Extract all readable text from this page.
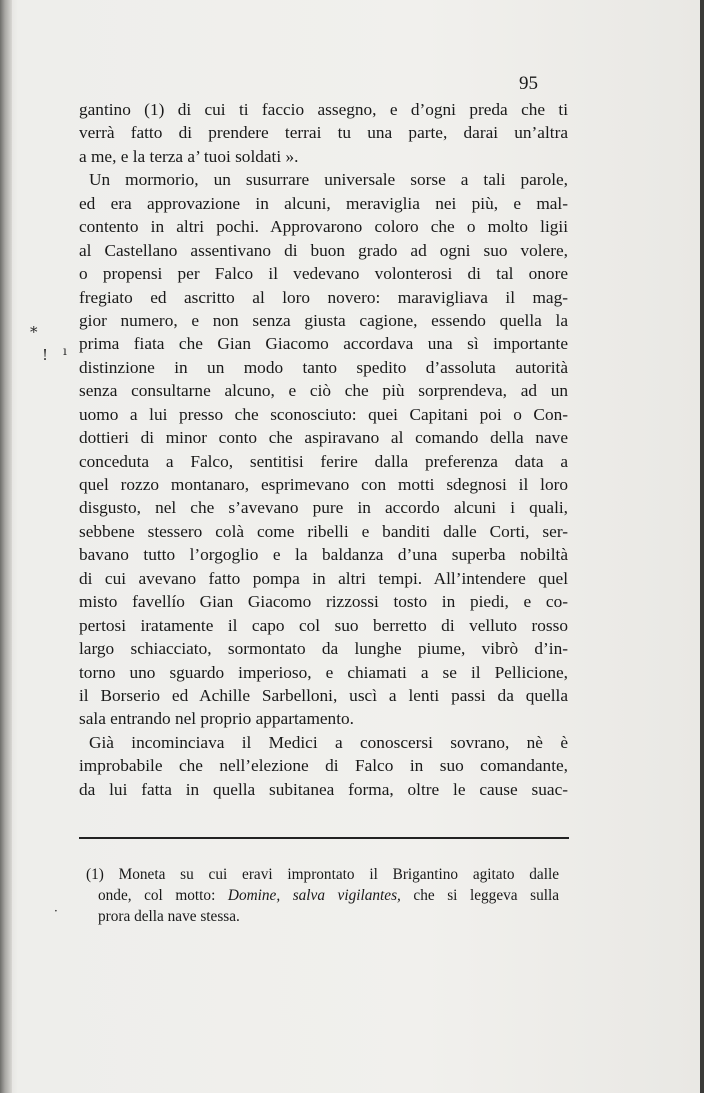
95
*
! ı
·
gantino (1) di cui ti faccio assegno, e d’ogni preda che ti
verrà fatto di prendere terrai tu una parte, darai un’altra
a me, e la terza a’ tuoi soldati ».
Un mormorio, un susurrare universale sorse a tali parole,
ed era approvazione in alcuni, meraviglia nei più, e mal-
contento in altri pochi. Approvarono coloro che o molto ligii
al Castellano assentivano di buon grado ad ogni suo volere,
o propensi per Falco il vedevano volonterosi di tal onore
fregiato ed ascritto al loro novero: maravigliava il mag-
gior numero, e non senza giusta cagione, essendo quella la
prima fiata che Gian Giacomo accordava una sì importante
distinzione in un modo tanto spedito d’assoluta autorità
senza consultarne alcuno, e ciò che più sorprendeva, ad un
uomo a lui presso che sconosciuto: quei Capitani poi o Con-
dottieri di minor conto che aspiravano al comando della nave
conceduta a Falco, sentitisi ferire dalla preferenza data a
quel rozzo montanaro, esprimevano con motti sdegnosi il loro
disgusto, nel che s’avevano pure in accordo alcuni i quali,
sebbene stessero colà come ribelli e banditi dalle Corti, ser-
bavano tutto l’orgoglio e la baldanza d’una superba nobiltà
di cui avevano fatto pompa in altri tempi. All’intendere quel
misto favellío Gian Giacomo rizzossi tosto in piedi, e co-
pertosi iratamente il capo col suo berretto di velluto rosso
largo schiacciato, sormontato da lunghe piume, vibrò d’in-
torno uno sguardo imperioso, e chiamati a se il Pellicione,
il Borserio ed Achille Sarbelloni, uscì a lenti passi da quella
sala entrando nel proprio appartamento.
Già incominciava il Medici a conoscersi sovrano, nè è
improbabile che nell’elezione di Falco in suo comandante,
da lui fatta in quella subitanea forma, oltre le cause suac-
(1) Moneta su cui eravi improntato il Brigantino agitato dalle
onde, col motto: Domine, salva vigilantes, che si leggeva sulla
prora della nave stessa.
